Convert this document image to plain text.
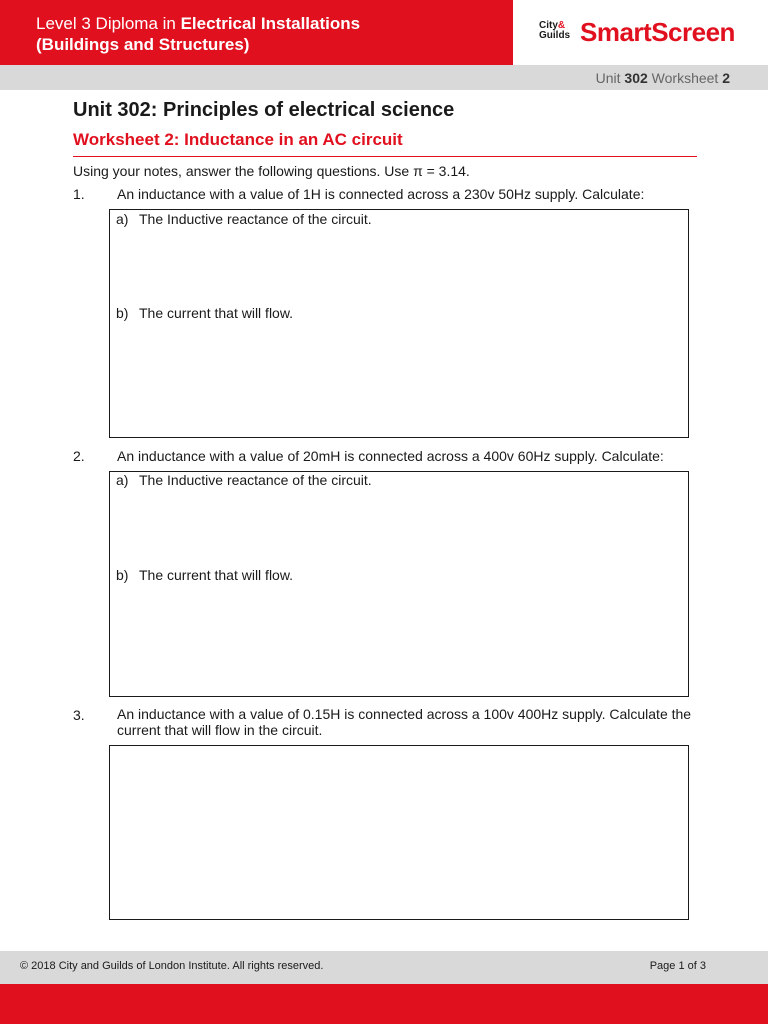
Level 3 Diploma in Electrical Installations
(Buildings and Structures)
City&
Guilds SmartScreen
Unit 302 Worksheet 2
Unit 302: Principles of electrical science
Worksheet 2: Inductance in an AC circuit
Using your notes, answer the following questions. Use π = 3.14.
1. An inductance with a value of 1H is connected across a 230v 50Hz supply. Calculate:
a) The Inductive reactance of the circuit.
b) The current that will flow.
2. An inductance with a value of 20mH is connected across a 400v 60Hz supply. Calculate:
a) The Inductive reactance of the circuit.
b) The current that will flow.
3. An inductance with a value of 0.15H is connected across a 100v 400Hz supply. Calculate the current that will flow in the circuit.
© 2018 City and Guilds of London Institute. All rights reserved.	Page 1 of 3
